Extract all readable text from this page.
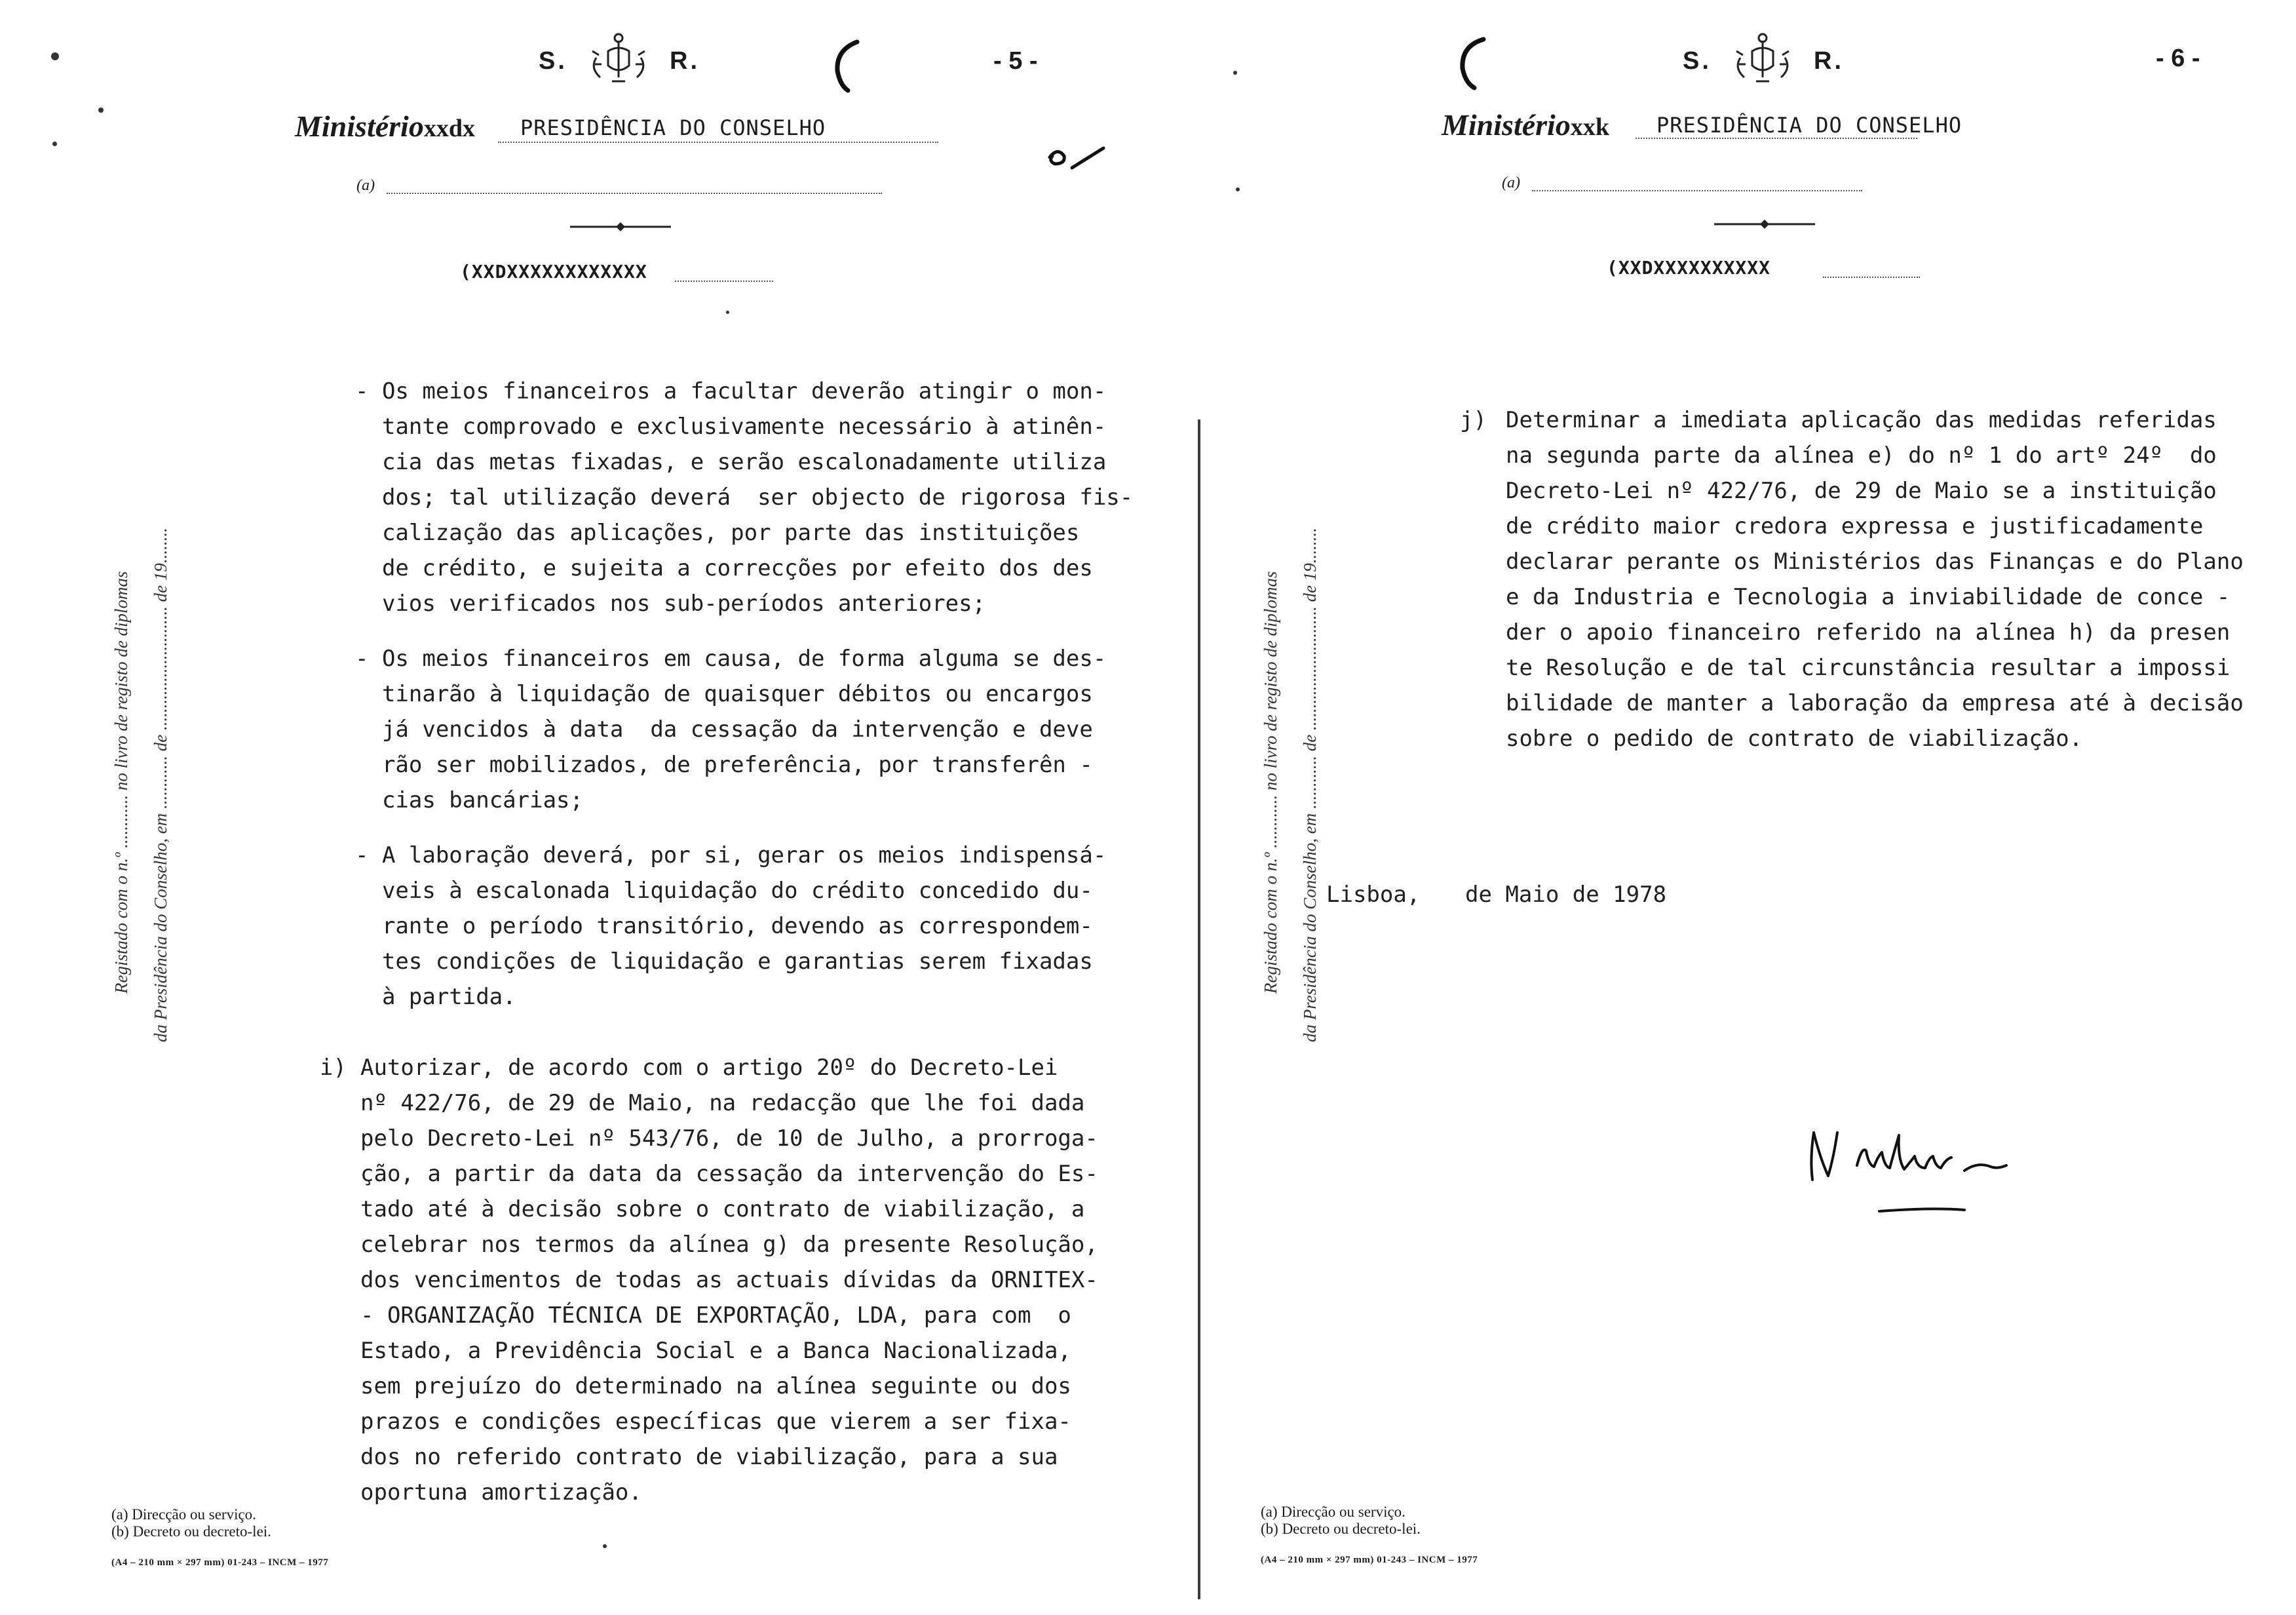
S.	R.	- 5 -
Ministérioxxdx PRESIDÊNCIA DO CONSELHO
(a)
(XXDXXXXXXXXXXXX
Registado com o n.º ............ no livro de registo de diplomas da Presidência do Conselho, em ............ de ............................ de 19........
- Os meios financeiros a facultar deverão atingir o mon-
tante comprovado e exclusivamente necessário à atinên-
cia das metas fixadas, e serão escalonadamente utiliza
dos; tal utilização deverá  ser objecto de rigorosa fis-
calização das aplicações, por parte das instituições
de crédito, e sujeita a correcções por efeito dos des
vios verificados nos sub-períodos anteriores;
- Os meios financeiros em causa, de forma alguma se des-
tinarão à liquidação de quaisquer débitos ou encargos
já vencidos à data  da cessação da intervenção e deve
rão ser mobilizados, de preferência, por transferên -
cias bancárias;
- A laboração deverá, por si, gerar os meios indispensá-
veis à escalonada liquidação do crédito concedido du-
rante o período transitório, devendo as correspondem-
tes condições de liquidação e garantias serem fixadas
à partida.
i) Autorizar, de acordo com o artigo 20º do Decreto-Lei
nº 422/76, de 29 de Maio, na redacção que lhe foi dada
pelo Decreto-Lei nº 543/76, de 10 de Julho, a prorroga-
ção, a partir da data da cessação da intervenção do Es-
tado até à decisão sobre o contrato de viabilização, a
celebrar nos termos da alínea g) da presente Resolução,
dos vencimentos de todas as actuais dívidas da ORNITEX-
- ORGANIZAÇÃO TÉCNICA DE EXPORTAÇÃO, LDA, para com  o
Estado, a Previdência Social e a Banca Nacionalizada,
sem prejuízo do determinado na alínea seguinte ou dos
prazos e condições específicas que vierem a ser fixa-
dos no referido contrato de viabilização, para a sua
oportuna amortização.
(a) Direcção ou serviço.
(b) Decreto ou decreto-lei.
(A4 – 210 mm × 297 mm) 01-243 – INCM – 1977
S.	R.	- 6 -
Ministérioxxk PRESIDÊNCIA DO CONSELHO
(a)
(XXDXXXXXXXXXX
Registado com o n.º ............ no livro de registo de diplomas da Presidência do Conselho, em ............ de ............................ de 19........
j) Determinar a imediata aplicação das medidas referidas
na segunda parte da alínea e) do nº 1 do artº 24º  do
Decreto-Lei nº 422/76, de 29 de Maio se a instituição
de crédito maior credora expressa e justificadamente
declarar perante os Ministérios das Finanças e do Plano
e da Industria e Tecnologia a inviabilidade de conce -
der o apoio financeiro referido na alínea h) da presen
te Resolução e de tal circunstância resultar a impossi
bilidade de manter a laboração da empresa até à decisão
sobre o pedido de contrato de viabilização.
Lisboa, de Maio de 1978
(a) Direcção ou serviço.
(b) Decreto ou decreto-lei.
(A4 – 210 mm × 297 mm) 01-243 – INCM – 1977
